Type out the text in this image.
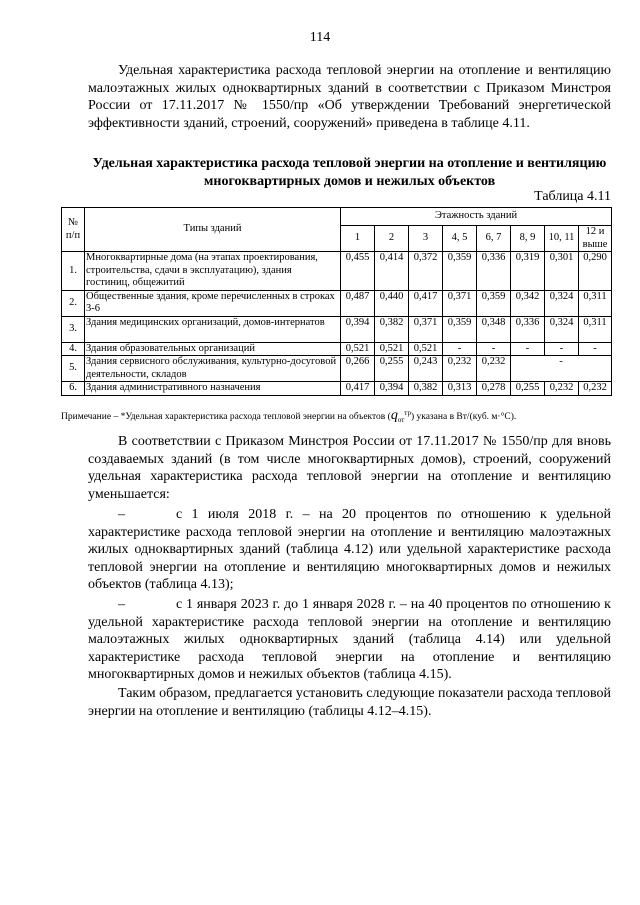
114
Удельная характеристика расхода тепловой энергии на отопление и вентиляцию малоэтажных жилых одноквартирных зданий в соответствии с Приказом Минстроя России от 17.11.2017 № 1550/пр «Об утверждении Требований энергетической эффективности зданий, строений, сооружений» приведена в таблице 4.11.
Удельная характеристика расхода тепловой энергии на отопление и вентиляцию многоквартирных домов и нежилых объектов
Таблица 4.11
№ п/п	Типы зданий	Этажность зданий							
		1	2	3	4, 5	6, 7	8, 9	10, 11	12 и выше
1.	Многоквартирные дома (на этапах проектирования, строительства, сдачи в эксплуатацию), здания гостиниц, общежитий	0,455	0,414	0,372	0,359	0,336	0,319	0,301	0,290
2.	Общественные здания, кроме перечисленных в строках 3-6	0,487	0,440	0,417	0,371	0,359	0,342	0,324	0,311
3.	Здания медицинских организаций, домов-интернатов	0,394	0,382	0,371	0,359	0,348	0,336	0,324	0,311
4.	Здания образовательных организаций	0,521	0,521	0,521	-	-	-	-	-
5.	Здания сервисного обслуживания, культурно-досуговой деятельности, складов	0,266	0,255	0,243	0,232	0,232	-		
6.	Здания административного назначения	0,417	0,394	0,382	0,313	0,278	0,255	0,232	0,232
Примечание – *Удельная характеристика расхода тепловой энергии на объектов $(q_{от}^{тр})$ указана в Вт/(куб. м·°С).
В соответствии с Приказом Минстроя России от 17.11.2017 № 1550/пр для вновь создаваемых зданий (в том числе многоквартирных домов), строений, сооружений удельная характеристика расхода тепловой энергии на отопление и вентиляцию уменьшается:
–	с 1 июля 2018 г. – на 20 процентов по отношению к удельной характеристике расхода тепловой энергии на отопление и вентиляцию малоэтажных жилых одноквартирных зданий (таблица 4.12) или удельной характеристике расхода тепловой энергии на отопление и вентиляцию многоквартирных домов и нежилых объектов (таблица 4.13);
–	с 1 января 2023 г. до 1 января 2028 г. – на 40 процентов по отношению к удельной характеристике расхода тепловой энергии на отопление и вентиляцию малоэтажных жилых одноквартирных зданий (таблица 4.14) или удельной характеристике расхода тепловой энергии на отопление и вентиляцию многоквартирных домов и нежилых объектов (таблица 4.15).
Таким образом, предлагается установить следующие показатели расхода тепловой энергии на отопление и вентиляцию (таблицы 4.12–4.15).
